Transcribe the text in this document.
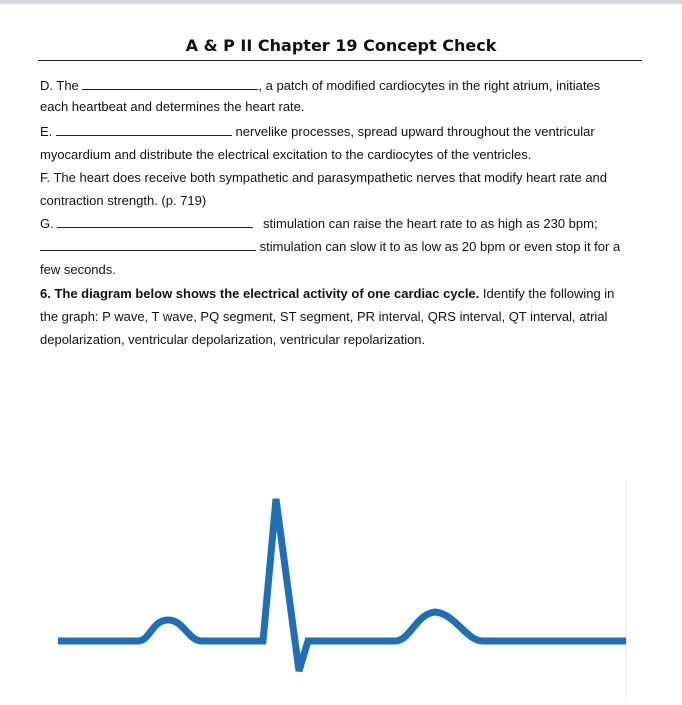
A & P II Chapter 19 Concept Check
D. The	, a patch of modified cardiocytes in the right atrium, initiates
each heartbeat and determines the heart rate.
E.	nervelike processes, spread upward throughout the ventricular
myocardium and distribute the electrical excitation to the cardiocytes of the ventricles.
F. The heart does receive both sympathetic and parasympathetic nerves that modify heart rate and
contraction strength. (p. 719)
G.	stimulation can raise the heart rate to as high as 230 bpm;
stimulation can slow it to as low as 20 bpm or even stop it for a
few seconds.
6. The diagram below shows the electrical activity of one cardiac cycle. Identify the following in
the graph: P wave, T wave, PQ segment, ST segment, PR interval, QRS interval, QT interval, atrial
depolarization, ventricular depolarization, ventricular repolarization.
